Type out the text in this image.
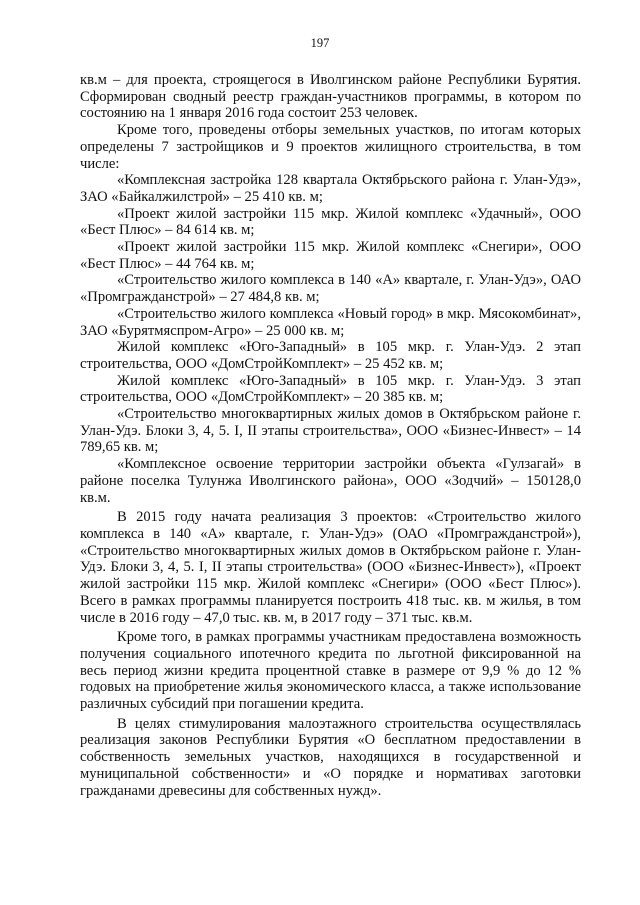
197

кв.м – для проекта, строящегося в Иволгинском районе Республики Бурятия. Сформирован сводный реестр граждан-участников программы, в котором по состоянию на 1 января 2016 года состоит 253 человек.

Кроме того, проведены отборы земельных участков, по итогам которых определены 7 застройщиков и 9 проектов жилищного строительства, в том числе:

«Комплексная застройка 128 квартала Октябрьского района г. Улан-Удэ», ЗАО «Байкалжилстрой» – 25 410 кв. м;

«Проект жилой застройки 115 мкр. Жилой комплекс «Удачный», ООО «Бест Плюс» – 84 614 кв. м;

«Проект жилой застройки 115 мкр. Жилой комплекс «Снегири», ООО «Бест Плюс» – 44 764 кв. м;

«Строительство жилого комплекса в 140 «А» квартале, г. Улан-Удэ», ОАО «Промгражданстрой» – 27 484,8 кв. м;

«Строительство жилого комплекса «Новый город» в мкр. Мясокомбинат», ЗАО «Бурятмяспром-Агро» – 25 000 кв. м;

Жилой комплекс «Юго-Западный» в 105 мкр. г. Улан-Удэ. 2 этап строительства, ООО «ДомСтройКомплект» – 25 452 кв. м;

Жилой комплекс «Юго-Западный» в 105 мкр. г. Улан-Удэ. 3 этап строительства, ООО «ДомСтройКомплект» – 20 385 кв. м;

«Строительство многоквартирных жилых домов в Октябрьском районе г. Улан-Удэ. Блоки 3, 4, 5. I, II этапы строительства», ООО «Бизнес-Инвест» – 14 789,65 кв. м;

«Комплексное освоение территории застройки объекта «Гулзагай» в районе поселка Тулунжа Иволгинского района», ООО «Зодчий» – 150128,0 кв.м.

В 2015 году начата реализация 3 проектов: «Строительство жилого комплекса в 140 «А» квартале, г. Улан-Удэ» (ОАО «Промгражданстрой»), «Строительство многоквартирных жилых домов в Октябрьском районе г. Улан-Удэ. Блоки 3, 4, 5. I, II этапы строительства» (ООО «Бизнес-Инвест»), «Проект жилой застройки 115 мкр. Жилой комплекс «Снегири» (ООО «Бест Плюс»). Всего в рамках программы планируется построить 418 тыс. кв. м жилья, в том числе в 2016 году – 47,0 тыс. кв. м, в 2017 году – 371 тыс. кв.м.

Кроме того, в рамках программы участникам предоставлена возможность получения социального ипотечного кредита по льготной фиксированной на весь период жизни кредита процентной ставке в размере от 9,9 % до 12 % годовых на приобретение жилья экономического класса, а также использование различных субсидий при погашении кредита.

В целях стимулирования малоэтажного строительства осуществлялась реализация законов Республики Бурятия «О бесплатном предоставлении в собственность земельных участков, находящихся в государственной и муниципальной собственности» и «О порядке и нормативах заготовки гражданами древесины для собственных нужд».
